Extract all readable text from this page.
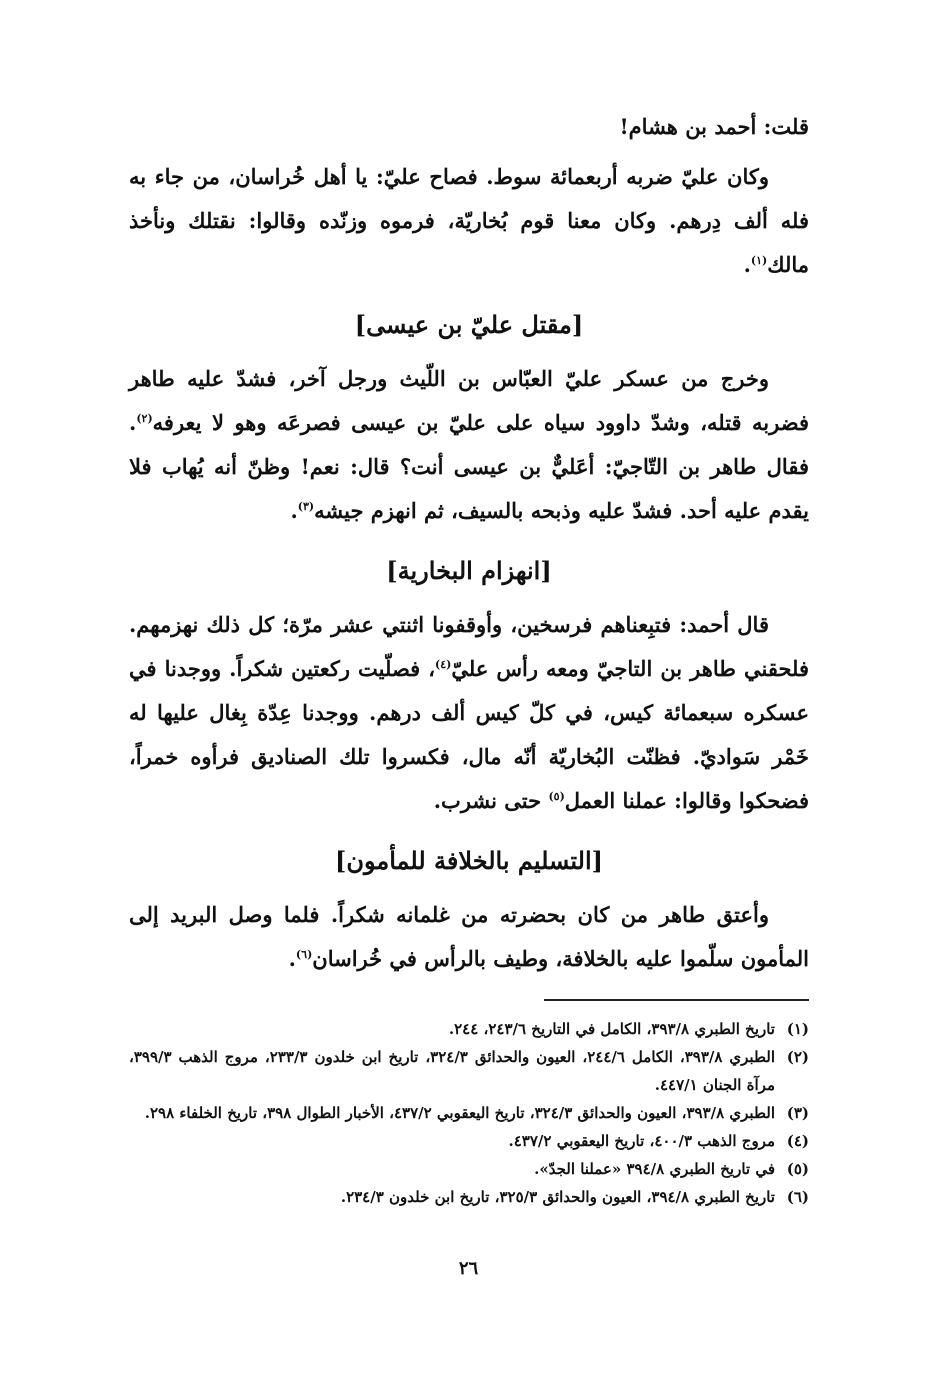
قلت: أحمد بن هشام!

وكان عليّ ضربه أربعمائة سوط. فصاح عليّ: يا أهل خُراسان، من جاء به فله ألف دِرهم. وكان معنا قوم بُخاريّة، فرموه وزنّده وقالوا: نقتلك ونأخذ مالك$^{(١)}$.

[مقتل عليّ بن عيسى]

وخرج من عسكر عليّ العبّاس بن اللّيث ورجل آخر، فشدّ عليه طاهر فضربه قتله، وشدّ داوود سياه على عليّ بن عيسى فصرعَه وهو لا يعرفه$^{(٢)}$. فقال طاهر بن التّاجيّ: أعَليٌّ بن عيسى أنت؟ قال: نعم! وظنّ أنه يُهاب فلا يقدم عليه أحد. فشدّ عليه وذبحه بالسيف، ثم انهزم جيشه$^{(٣)}$.

[انهزام البخارية]

قال أحمد: فتبِعناهم فرسخين، وأوقفونا اثنتي عشر مرّة؛ كل ذلك نهزمهم. فلحقني طاهر بن التاجيّ ومعه رأس عليّ$^{(٤)}$، فصلّيت ركعتين شكراً. ووجدنا في عسكره سبعمائة كيس، في كلّ كيس ألف درهم. ووجدنا عِدّة بِغال عليها له خَمْر سَواديّ. فظنّت البُخاريّة أنّه مال، فكسروا تلك الصناديق فرأوه خمراً، فضحكوا وقالوا: عملنا العمل$^{(٥)}$ حتى نشرب.

[التسليم بالخلافة للمأمون]

وأعتق طاهر من كان بحضرته من غلمانه شكراً. فلما وصل البريد إلى المأمون سلّموا عليه بالخلافة، وطيف بالرأس في خُراسان$^{(٦)}$.

(١)
تاريخ الطبري ٣٩٣/٨، الكامل في التاريخ ٢٤٣/٦، ٢٤٤.
(٢)
الطبري ٣٩٣/٨، الكامل ٢٤٤/٦، العيون والحدائق ٣٢٤/٣، تاريخ ابن خلدون ٢٣٣/٣، مروج الذهب ٣٩٩/٣، مرآة الجنان ٤٤٧/١.
(٣)
الطبري ٣٩٣/٨، العيون والحدائق ٣٢٤/٣، تاريخ اليعقوبي ٤٣٧/٢، الأخبار الطوال ٣٩٨، تاريخ الخلفاء ٢٩٨.
(٤)
مروج الذهب ٤٠٠/٣، تاريخ اليعقوبي ٤٣٧/٢.
(٥)
في تاريخ الطبري ٣٩٤/٨ «عملنا الجدّ».
(٦)
تاريخ الطبري ٣٩٤/٨، العيون والحدائق ٣٢٥/٣، تاريخ ابن خلدون ٢٣٤/٣.
٢٦
